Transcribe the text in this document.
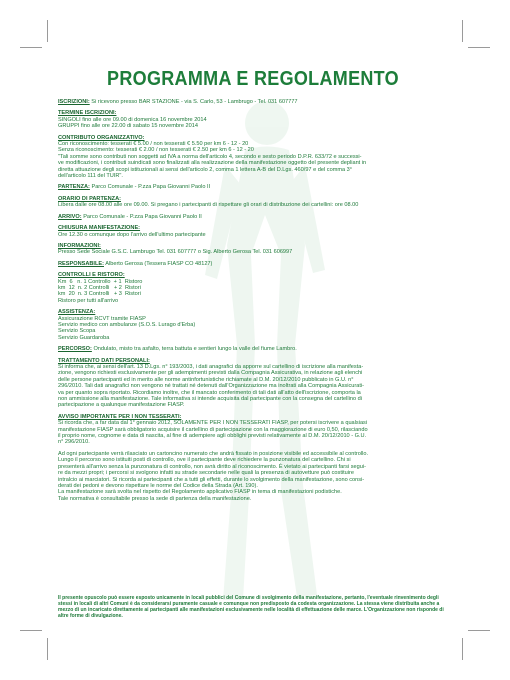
PROGRAMMA E REGOLAMENTO
ISCRIZIONI: Si ricevono presso BAR STAZIONE - via S. Carlo, 53 - Lambrugo - Tel. 031 607777
TERMINE ISCRIZIONI:
SINGOLI fino alle ore 09.00 di domenica 16 novembre 2014
GRUPPI fino alle ore 22.00 di sabato 15 novembre 2014
CONTRIBUTO ORGANIZZATIVO:
Con riconoscimento: tesserati € 5.00 / non tesserati € 5.50 per km 6 - 12 - 20
Senza riconoscimento: tesserati € 2.00 / non tesserati € 2.50 per km 6 - 12 - 20
"Tali somme sono contributi non soggetti ad IVA a norma dell'articolo 4, secondo e sesto periodo D.P.R. 633/72 e successi-
ve modificazioni, i contributi suindicati sono finalizzati alla realizzazione della manifestazione oggetto del presente depliant in
diretta attuazione degli scopi istituzionali ai sensi dell'articolo 2, comma 1 lettera A-B del D.Lgs. 460/97 e del comma 3°
dell'articolo 111 del TUIR".
PARTENZA: Parco Comunale - P.zza Papa Giovanni Paolo II
ORARIO DI PARTENZA:
Libera dalle ore 08.00 alle ore 09.00. Si pregano i partecipanti di rispettare gli orari di distribuzione dei cartellini: ore 08.00
ARRIVO: Parco Comunale - P.zza Papa Giovanni Paolo II
CHIUSURA MANIFESTAZIONE:
Ore 12.30 o comunque dopo l'arrivo dell'ultimo partecipante
INFORMAZIONI:
Presso Sede Sociale G.S.C. Lambrugo Tel. 031 607777 o Sig. Alberto Gerosa Tel. 031 606997
RESPONSABILE: Alberto Gerosa (Tessera FIASP CO 48127)
CONTROLLI E RISTORO:
Km  6   n. 1 Controllo  + 1  Ristoro
km  12  n. 2 Controlli   + 2  Ristori
km  20  n. 3 Controlli   + 3  Ristori
Ristoro per tutti all'arrivo
ASSISTENZA:
Assicurazione RCVT tramite FIASP
Servizio medico con ambulanze (S.O.S. Lurago d'Erba)
Servizio Scopa
Servizio Guardaroba
PERCORSO: Ondulato, misto tra asfalto, terra battuta e sentieri lungo la valle del fiume Lambro.
TRATTAMENTO DATI PERSONALI:
Si informa che, ai sensi dell'art. 13 D.Lgs. n° 193/2003, i dati anagrafici da apporre sul cartellino di iscrizione alla manifesta-
zione, vengono richiesti esclusivamente per gli adempimenti previsti dalla Compagnia Assicurativa, in relazione agli elenchi
delle persone partecipanti ed in merito alle norme antinfortunistiche richiamate al D.M. 20/12/2010 pubblicato in G.U. n°
296/2010. Tali dati anagrafici non vengono né trattati né detenuti dall'Organizzazione ma inoltrati alla Compagnia Assicurati-
va per quanto sopra riportato. Ricordiamo inoltre, che il mancato conferimento di tali dati all'atto dell'iscrizione, comporta la
non ammissione alla manifestazione. Tale informativa si intende acquisita dal partecipante con la consegna del cartellino di
partecipazione a qualunque manifestazione FIASP.
AVVISO IMPORTANTE PER I NON TESSERATI:
Si ricorda che, a far data dal 1° gennaio 2012, SOLAMENTE PER I NON TESSERATI FIASP, per potersi iscrivere a qualsiasi
manifestazione FIASP sarà obbligatorio acquisire il cartellino di partecipazione con la maggiorazione di euro 0,50, rilasciando
il proprio nome, cognome e data di nascita, al fine di adempiere agli obblighi previsti relativamente al D.M. 20/12/2010 - G.U.
n° 296/2010.
Ad ogni partecipante verrà rilasciato un cartoncino numerato che andrà fissato in posizione visibile ed accessibile al controllo.
Lungo il percorso sono istituiti posti di controllo, ove il partecipante deve richiedere la punzonatura del cartellino. Chi si
presenterà all'arrivo senza la punzonatura di controllo, non avrà diritto al riconoscimento. È vietato ai partecipanti farsi segui-
re da mezzi propri; i percorsi si svolgono infatti su strade secondarie nelle quali la presenza di autovetture può costituire
intralcio ai marciatori. Si ricorda ai partecipanti che a tutti gli effetti, durante lo svolgimento della manifestazione, sono consi-
derati dei pedoni e devono rispettare le norme del Codice della Strada (Art. 190).
La manifestazione sarà svolta nel rispetto del Regolamento applicativo FIASP in tema di manifestazioni podistiche.
Tale normativa è consultabile presso la sede di partenza della manifestazione.
Il presente opuscolo può essere esposto unicamente in locali pubblici del Comune di svolgimento della manifestazione, pertanto, l'eventuale rinvenimento degli stessi in locali di altri Comuni è da considerarsi puramente casuale e comunque non predisposto da codesta organizzazione. La stessa viene distribuita anche a mezzo di un incaricato direttamente ai partecipanti alle manifestazioni esclusivamente nelle località di effettuazione delle marce. L'Organizzazione non risponde di altre forme di divulgazione.
